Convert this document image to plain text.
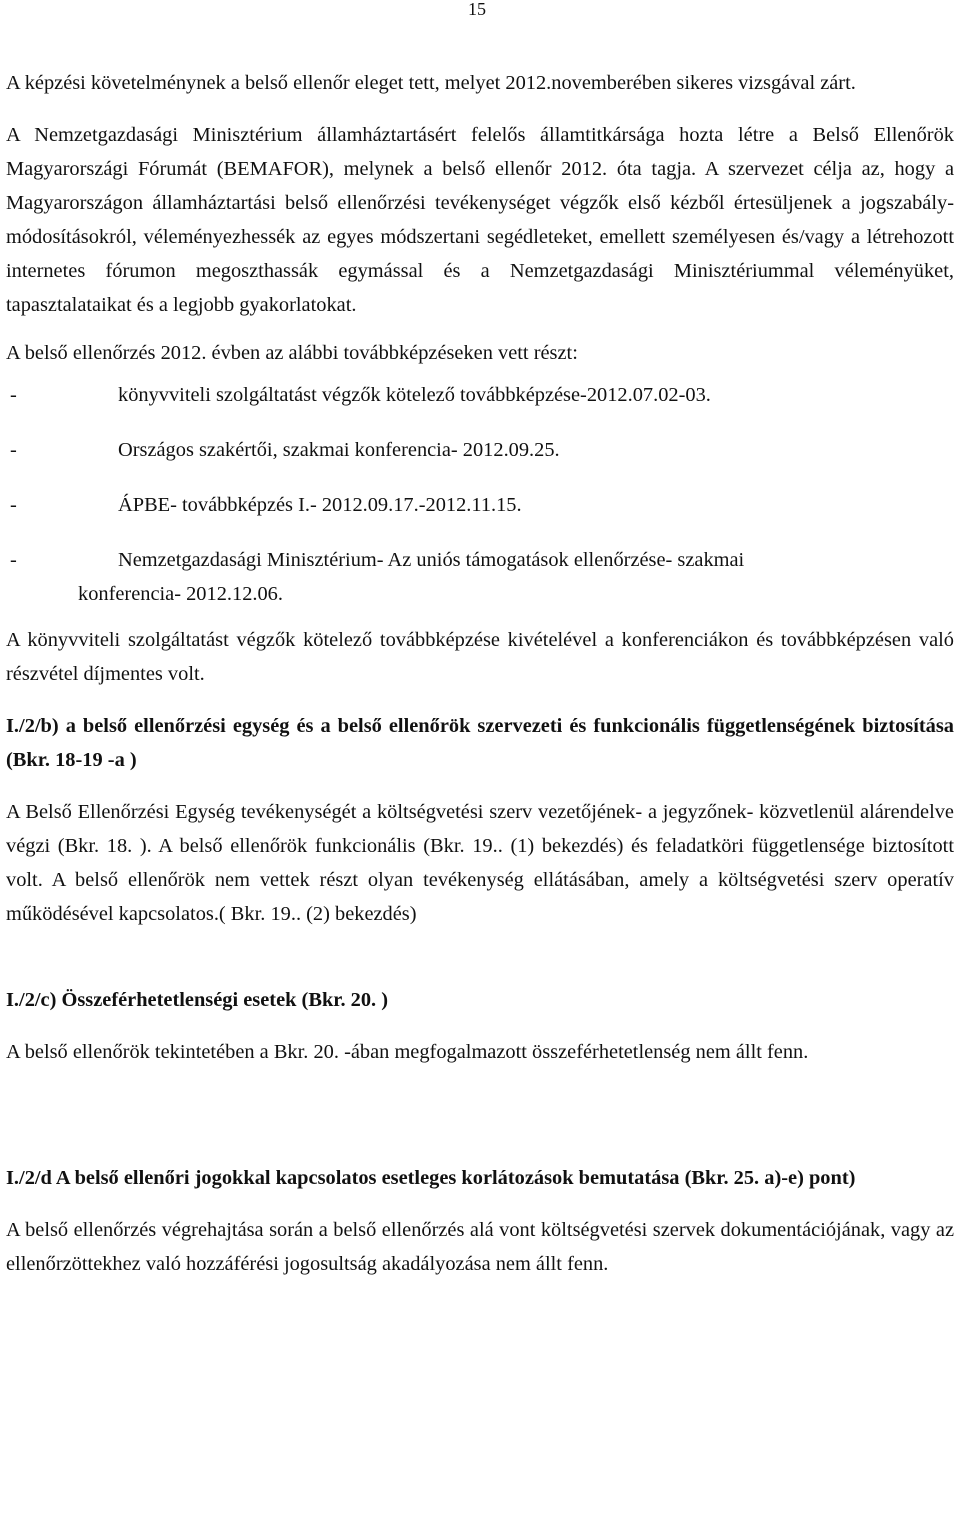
15

A képzési követelménynek a belső ellenőr eleget tett, melyet 2012.novemberében sikeres vizsgával zárt.

A Nemzetgazdasági Minisztérium államháztartásért felelős államtitkársága hozta létre a Belső Ellenőrök Magyarországi Fórumát (BEMAFOR), melynek a belső ellenőr 2012. óta tagja. A szervezet célja az, hogy a Magyarországon államháztartási belső ellenőrzési tevékenységet végzők első kézből értesüljenek a jogszabály-módosításokról, véleményezhessék az egyes módszertani segédleteket, emellett személyesen és/vagy a létrehozott internetes fórumon megoszthassák egymással és a Nemzetgazdasági Minisztériummal véleményüket, tapasztalataikat és a legjobb gyakorlatokat.

A belső ellenőrzés 2012. évben az alábbi továbbképzéseken vett részt:

-	könyvviteli szolgáltatást végzők kötelező továbbképzése-2012.07.02-03.
-	Országos szakértői, szakmai konferencia- 2012.09.25.
-	ÁPBE- továbbképzés I.- 2012.09.17.-2012.11.15.
-	Nemzetgazdasági Minisztérium- Az uniós támogatások ellenőrzése- szakmai
konferencia- 2012.12.06.

A könyvviteli szolgáltatást végzők kötelező továbbképzése kivételével a konferenciákon és továbbképzésen való részvétel díjmentes volt.

I./2/b) a belső ellenőrzési egység és a belső ellenőrök szervezeti és funkcionális függetlenségének biztosítása (Bkr. 18-19 -a )

A Belső Ellenőrzési Egység tevékenységét a költségvetési szerv vezetőjének- a jegyzőnek- közvetlenül alárendelve végzi (Bkr. 18. ). A belső ellenőrök funkcionális (Bkr. 19.. (1) bekezdés) és feladatköri függetlensége biztosított volt. A belső ellenőrök nem vettek részt olyan tevékenység ellátásában, amely a költségvetési szerv operatív működésével kapcsolatos.( Bkr. 19.. (2) bekezdés)

I./2/c) Összeférhetetlenségi esetek (Bkr. 20. )

A belső ellenőrök tekintetében a Bkr. 20. -ában megfogalmazott összeférhetetlenség nem állt fenn.

I./2/d A belső ellenőri jogokkal kapcsolatos esetleges korlátozások bemutatása (Bkr. 25. a)-e) pont)

A belső ellenőrzés végrehajtása során a belső ellenőrzés alá vont költségvetési szervek dokumentációjának, vagy az ellenőrzöttekhez való hozzáférési jogosultság akadályozása nem állt fenn.
